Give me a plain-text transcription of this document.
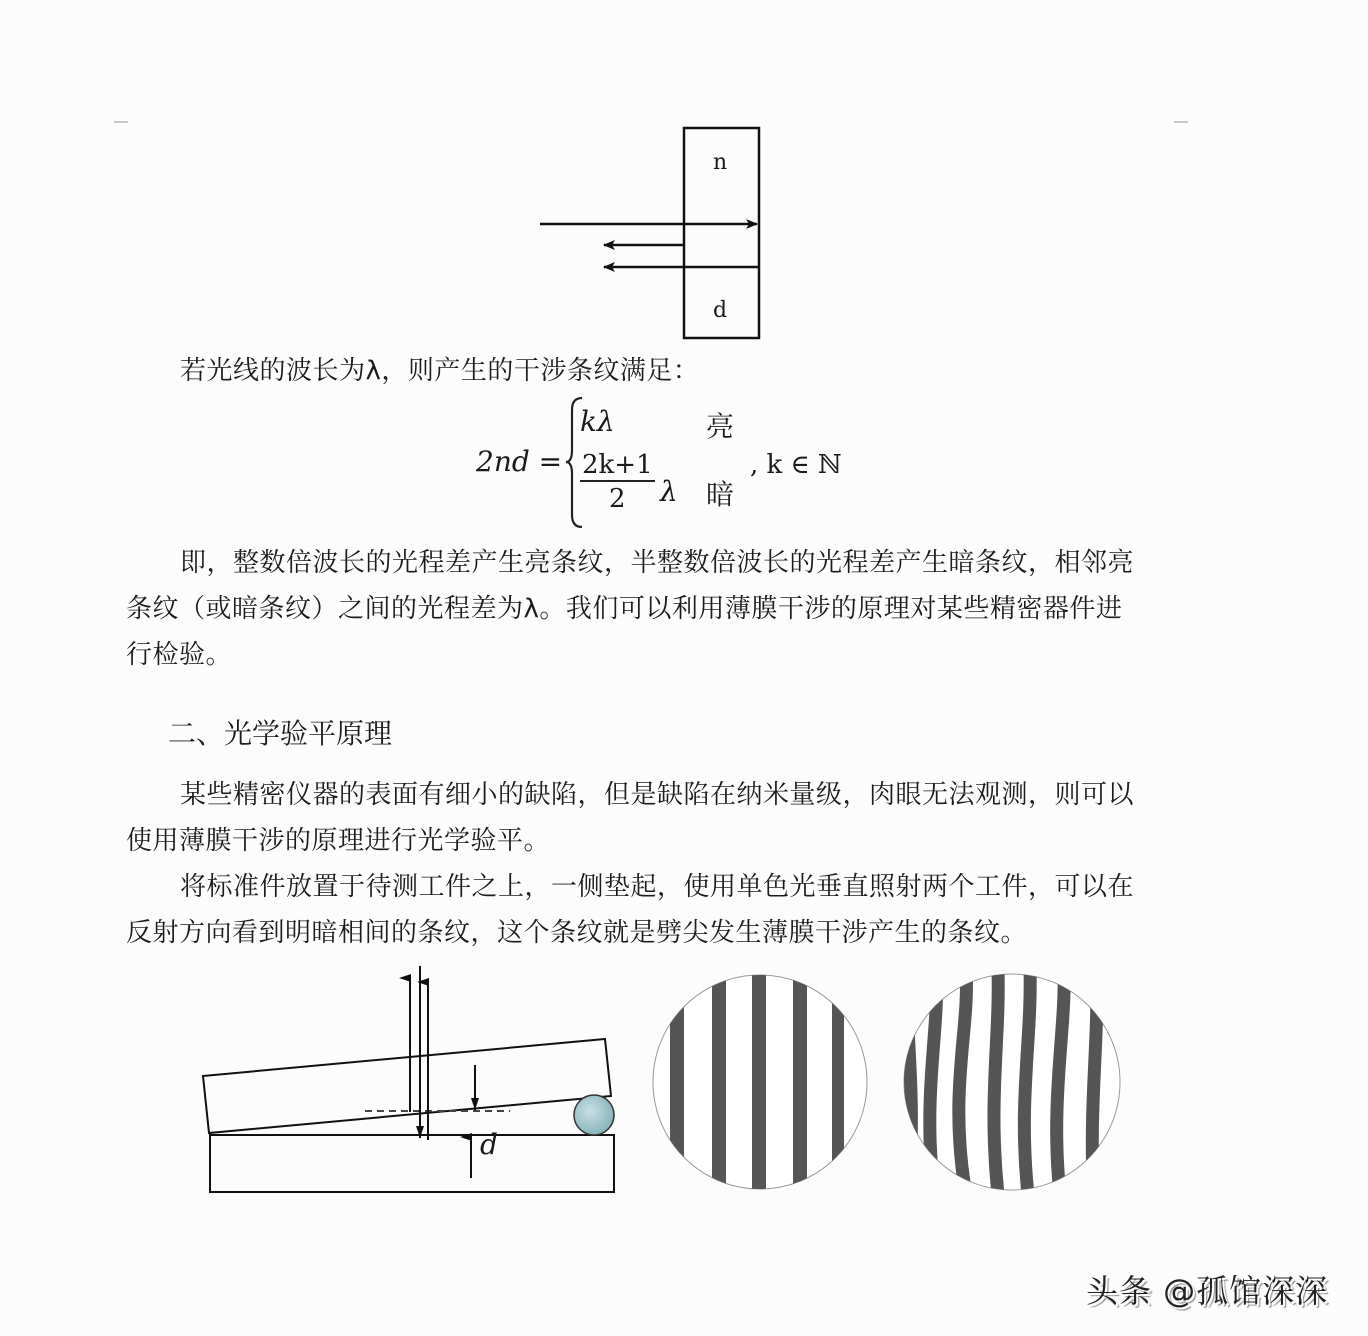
n
d
若光线的波长为λ，则产生的干涉条纹满足：
2nd =
kλ
$\frac{2k+1}{2}$ λ
亮
暗
, k ∈ ℕ
即，整数倍波长的光程差产生亮条纹，半整数倍波长的光程差产生暗条纹，相邻亮
条纹（或暗条纹）之间的光程差为λ。我们可以利用薄膜干涉的原理对某些精密器件进
行检验。
二、光学验平原理
某些精密仪器的表面有细小的缺陷，但是缺陷在纳米量级，肉眼无法观测，则可以
使用薄膜干涉的原理进行光学验平。
将标准件放置于待测工件之上，一侧垫起，使用单色光垂直照射两个工件，可以在
反射方向看到明暗相间的条纹，这个条纹就是劈尖发生薄膜干涉产生的条纹。
d
头条 @孤馆深深
